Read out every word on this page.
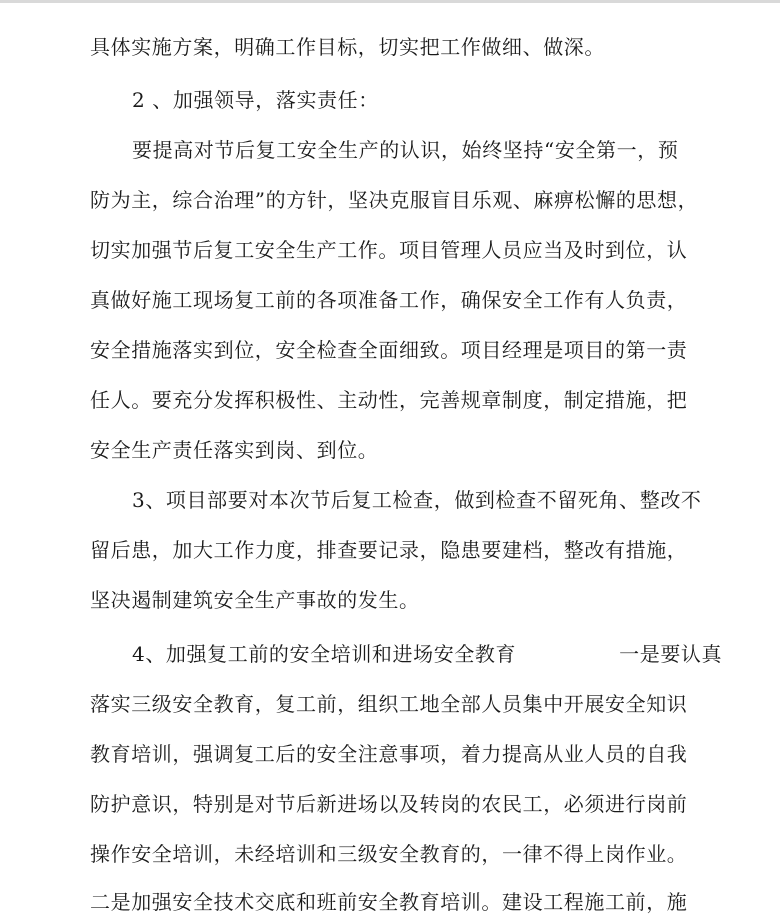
具体实施方案，明确工作目标，切实把工作做细、做深。
2 、加强领导，落实责任：
要提高对节后复工安全生产的认识，始终坚持“安全第一，预
防为主，综合治理”的方针，坚决克服盲目乐观、麻痹松懈的思想，
切实加强节后复工安全生产工作。项目管理人员应当及时到位，认
真做好施工现场复工前的各项准备工作，确保安全工作有人负责，
安全措施落实到位，安全检查全面细致。项目经理是项目的第一责
任人。要充分发挥积极性、主动性，完善规章制度，制定措施，把
安全生产责任落实到岗、到位。
3、项目部要对本次节后复工检查，做到检查不留死角、整改不
留后患，加大工作力度，排查要记录，隐患要建档，整改有措施，
坚决遏制建筑安全生产事故的发生。
4、加强复工前的安全培训和进场安全教育　　　　　一是要认真
落实三级安全教育，复工前，组织工地全部人员集中开展安全知识
教育培训，强调复工后的安全注意事项，着力提高从业人员的自我
防护意识，特别是对节后新进场以及转岗的农民工，必须进行岗前
操作安全培训，未经培训和三级安全教育的，一律不得上岗作业。
二是加强安全技术交底和班前安全教育培训。建设工程施工前，施
